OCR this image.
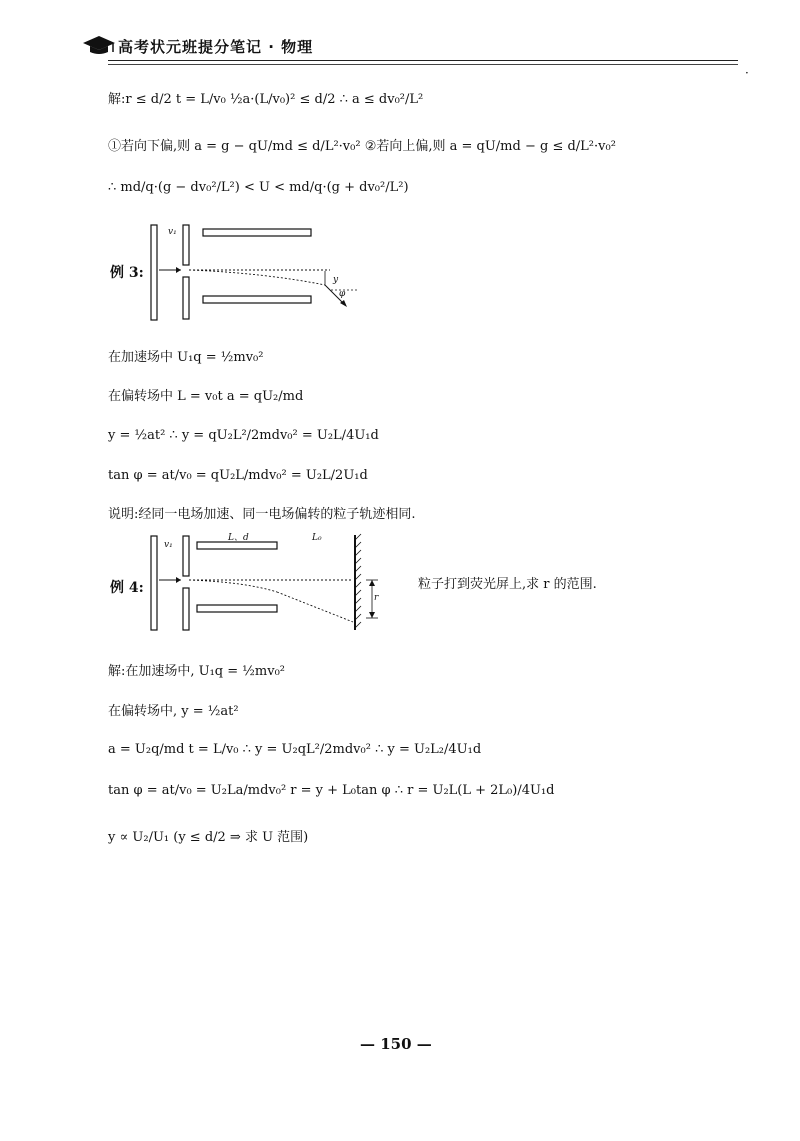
高考状元班提分笔记 · 物理
·
解:r ≤ d/2 t = L/v₀ ½a·(L/v₀)² ≤ d/2 ∴ a ≤ dv₀²/L²
①若向下偏,则 a = g − qU/md ≤ d/L²·v₀² ②若向上偏,则 a = qU/md − g ≤ d/L²·v₀²
∴ md/q·(g − dv₀²/L²) < U < md/q·(g + dv₀²/L²)
例 3:
v₁
y
φ
在加速场中 U₁q = ½mv₀²
在偏转场中 L = v₀t a = qU₂/md
y = ½at² ∴ y = qU₂L²/2mdv₀² = U₂L/4U₁d
tan φ = at/v₀ = qU₂L/mdv₀² = U₂L/2U₁d
说明:经同一电场加速、同一电场偏转的粒子轨迹相同.
例 4:
v₁
L、d	L₀
r
粒子打到荧光屏上,求 r 的范围.
解:在加速场中, U₁q = ½mv₀²
在偏转场中, y = ½at²
a = U₂q/md t = L/v₀ ∴ y = U₂qL²/2mdv₀² ∴ y = U₂L₂/4U₁d
tan φ = at/v₀ = U₂La/mdv₀² r = y + L₀tan φ ∴ r = U₂L(L + 2L₀)/4U₁d
y ∝ U₂/U₁ (y ≤ d/2 ⇒ 求 U 范围)
— 150 —
